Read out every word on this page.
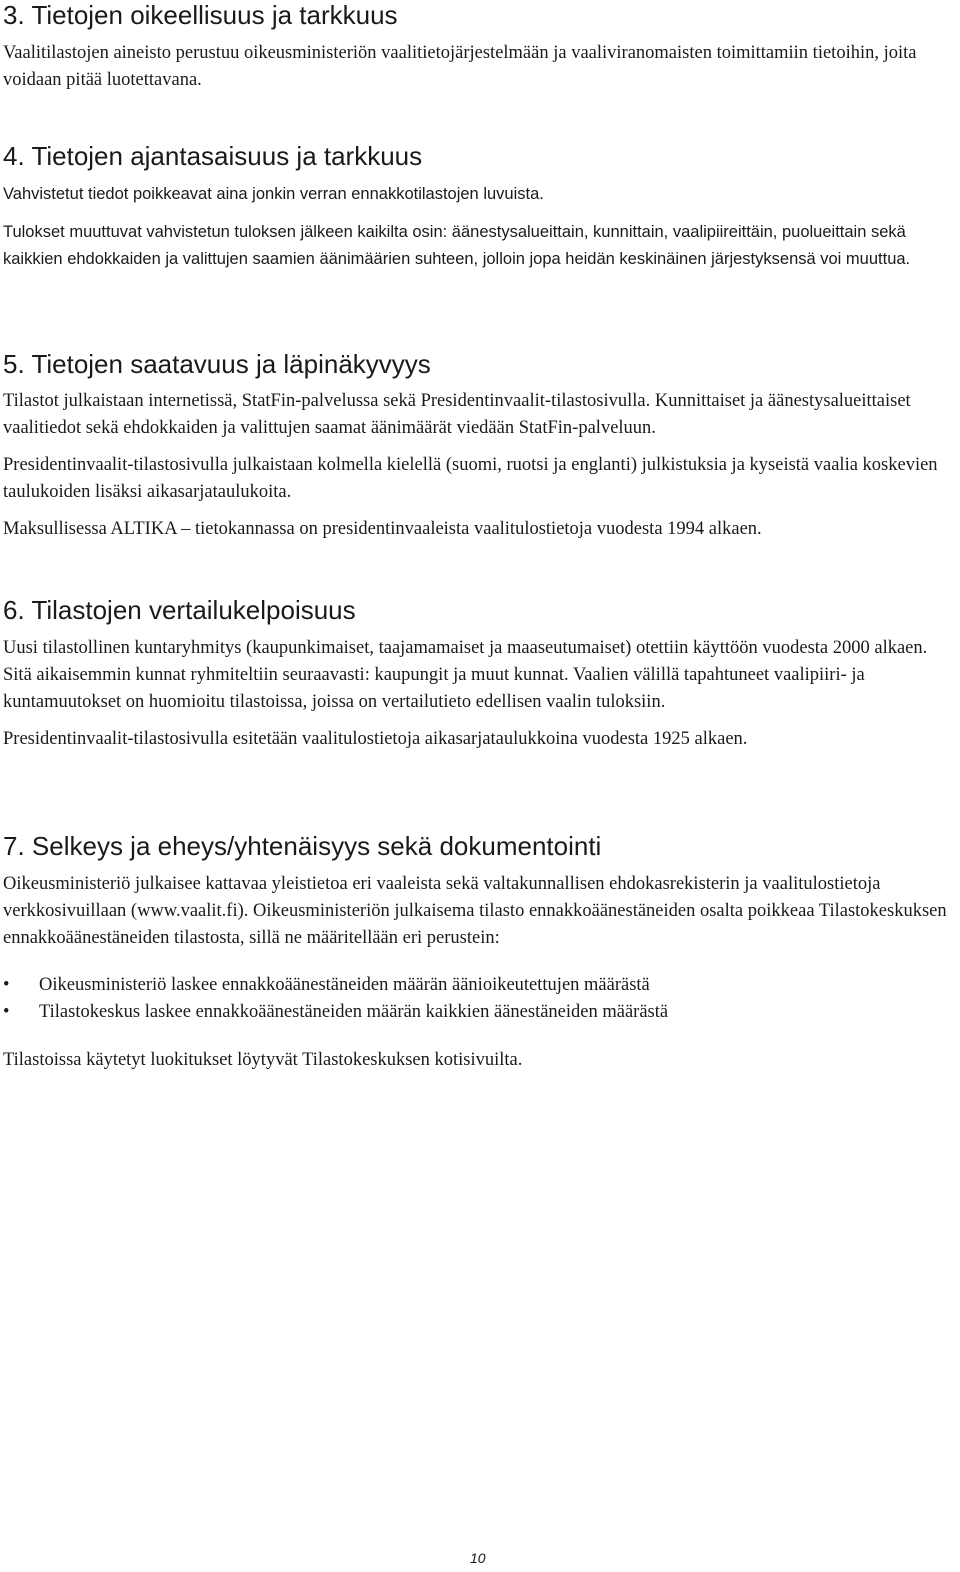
3. Tietojen oikeellisuus ja tarkkuus

Vaalitilastojen aineisto perustuu oikeusministeriön vaalitietojärjestelmään ja vaaliviranomaisten toimittamiin tietoihin, joita voidaan pitää luotettavana.

4. Tietojen ajantasaisuus ja tarkkuus

Vahvistetut tiedot poikkeavat aina jonkin verran ennakkotilastojen luvuista.

Tulokset muuttuvat vahvistetun tuloksen jälkeen kaikilta osin: äänestysalueittain, kunnittain, vaalipiireittäin, puolueittain sekä kaikkien ehdokkaiden ja valittujen saamien äänimäärien suhteen, jolloin jopa heidän keskinäinen järjestyksensä voi muuttua.

5. Tietojen saatavuus ja läpinäkyvyys

Tilastot julkaistaan internetissä, StatFin-palvelussa sekä Presidentinvaalit-tilastosivulla. Kunnittaiset ja äänestysalueittaiset vaalitiedot sekä ehdokkaiden ja valittujen saamat äänimäärät viedään StatFin-palveluun.

Presidentinvaalit-tilastosivulla julkaistaan kolmella kielellä (suomi, ruotsi ja englanti) julkistuksia ja kyseistä vaalia koskevien taulukoiden lisäksi aikasarjataulukoita.

Maksullisessa ALTIKA – tietokannassa on presidentinvaaleista vaalitulostietoja vuodesta 1994 alkaen.

6. Tilastojen vertailukelpoisuus

Uusi tilastollinen kuntaryhmitys (kaupunkimaiset, taajamamaiset ja maaseutumaiset) otettiin käyttöön vuodesta 2000 alkaen. Sitä aikaisemmin kunnat ryhmiteltiin seuraavasti: kaupungit ja muut kunnat. Vaalien välillä tapahtuneet vaalipiiri- ja kuntamuutokset on huomioitu tilastoissa, joissa on vertailutieto edellisen vaalin tuloksiin.

Presidentinvaalit-tilastosivulla esitetään vaalitulostietoja aikasarjataulukkoina vuodesta 1925 alkaen.

7. Selkeys ja eheys/yhtenäisyys sekä dokumentointi

Oikeusministeriö julkaisee kattavaa yleistietoa eri vaaleista sekä valtakunnallisen ehdokasrekisterin ja vaalitulostietoja verkkosivuillaan (www.vaalit.fi). Oikeusministeriön julkaisema tilasto ennakkoäänestäneiden osalta poikkeaa Tilastokeskuksen ennakkoäänestäneiden tilastosta, sillä ne määritellään eri perustein:

•	Oikeusministeriö laskee ennakkoäänestäneiden määrän äänioikeutettujen määrästä
•	Tilastokeskus laskee ennakkoäänestäneiden määrän kaikkien äänestäneiden määrästä

Tilastoissa käytetyt luokitukset löytyvät Tilastokeskuksen kotisivuilta.

10
